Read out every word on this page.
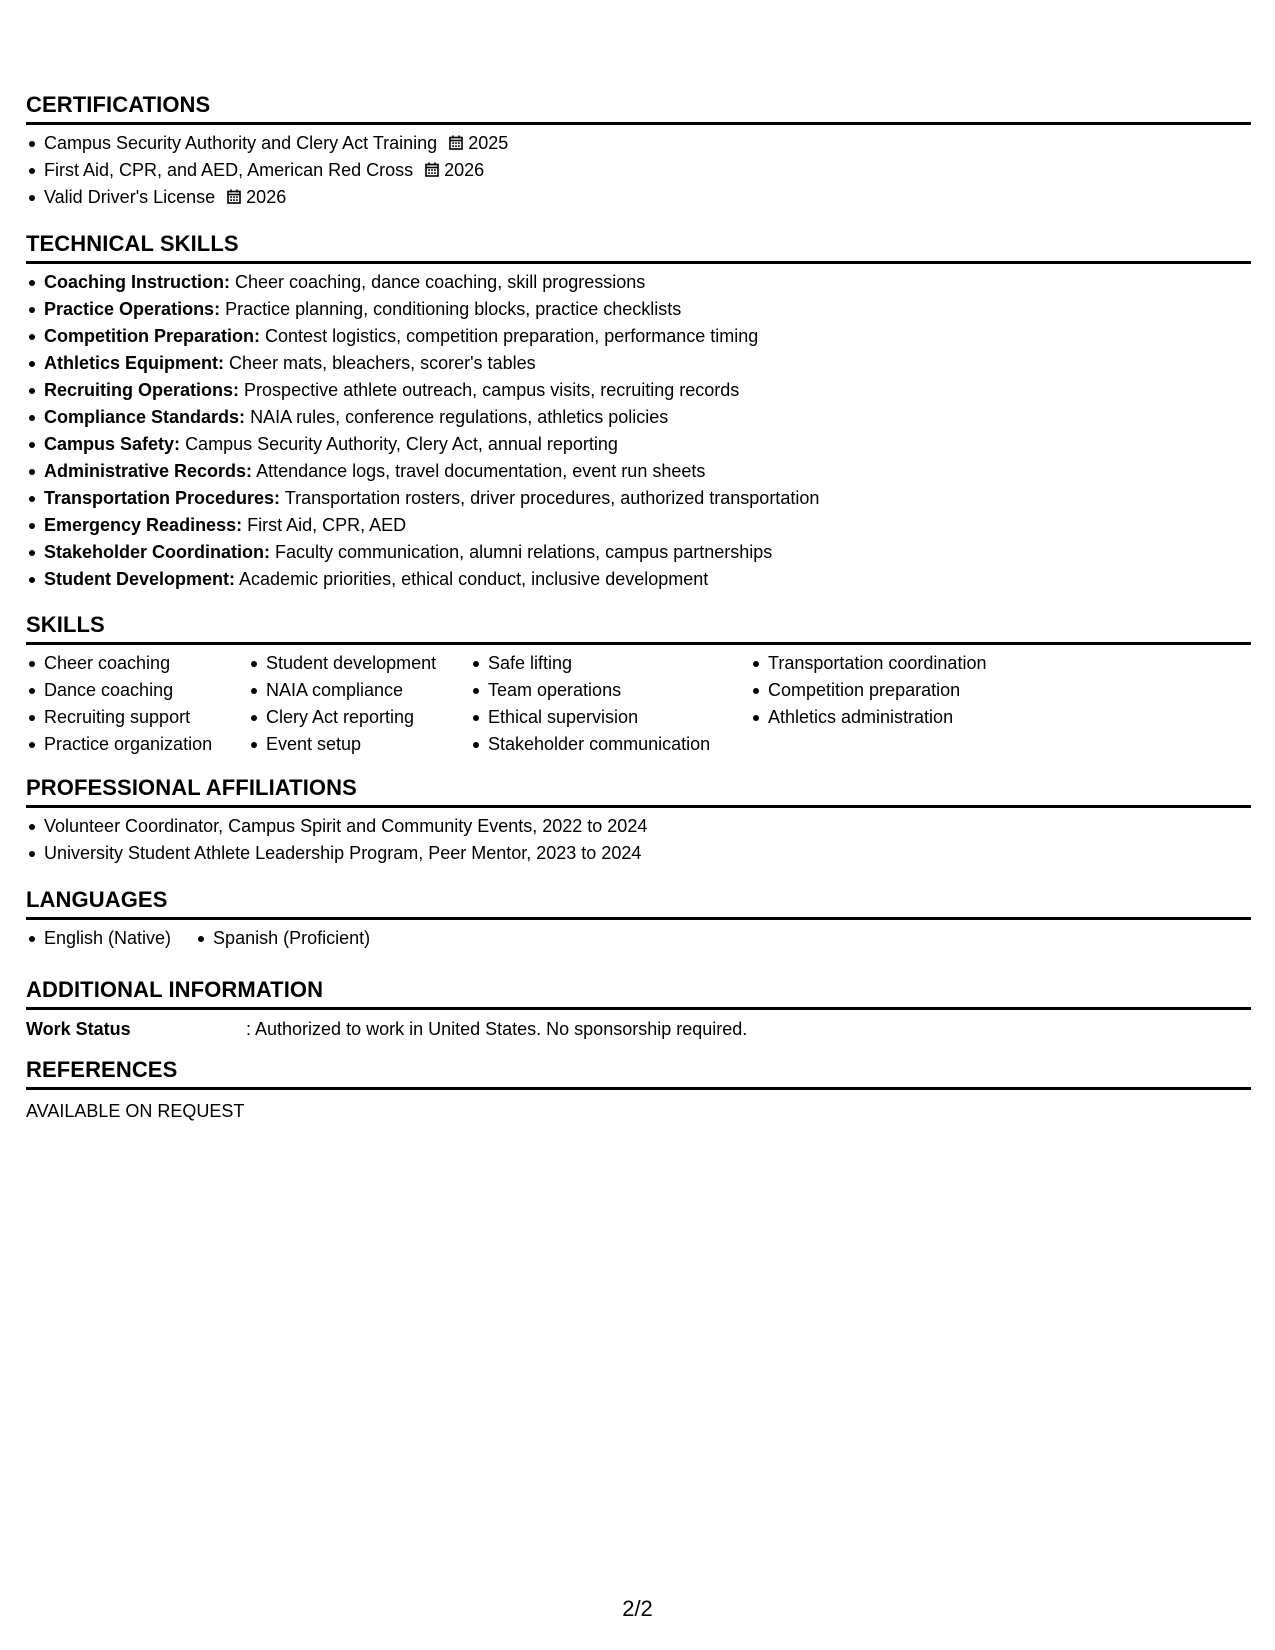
CERTIFICATIONS
Campus Security Authority and Clery Act Training 2025
First Aid, CPR, and AED, American Red Cross 2026
Valid Driver's License 2026
TECHNICAL SKILLS
Coaching Instruction: Cheer coaching, dance coaching, skill progressions
Practice Operations: Practice planning, conditioning blocks, practice checklists
Competition Preparation: Contest logistics, competition preparation, performance timing
Athletics Equipment: Cheer mats, bleachers, scorer's tables
Recruiting Operations: Prospective athlete outreach, campus visits, recruiting records
Compliance Standards: NAIA rules, conference regulations, athletics policies
Campus Safety: Campus Security Authority, Clery Act, annual reporting
Administrative Records: Attendance logs, travel documentation, event run sheets
Transportation Procedures: Transportation rosters, driver procedures, authorized transportation
Emergency Readiness: First Aid, CPR, AED
Stakeholder Coordination: Faculty communication, alumni relations, campus partnerships
Student Development: Academic priorities, ethical conduct, inclusive development
SKILLS
Cheer coaching
Dance coaching
Recruiting support
Practice organization
Student development
NAIA compliance
Clery Act reporting
Event setup
Safe lifting
Team operations
Ethical supervision
Stakeholder communication
Transportation coordination
Competition preparation
Athletics administration
PROFESSIONAL AFFILIATIONS
Volunteer Coordinator, Campus Spirit and Community Events, 2022 to 2024
University Student Athlete Leadership Program, Peer Mentor, 2023 to 2024
LANGUAGES
English (Native)	Spanish (Proficient)
ADDITIONAL INFORMATION
Work Status	: Authorized to work in United States. No sponsorship required.
REFERENCES
AVAILABLE ON REQUEST
2/2
